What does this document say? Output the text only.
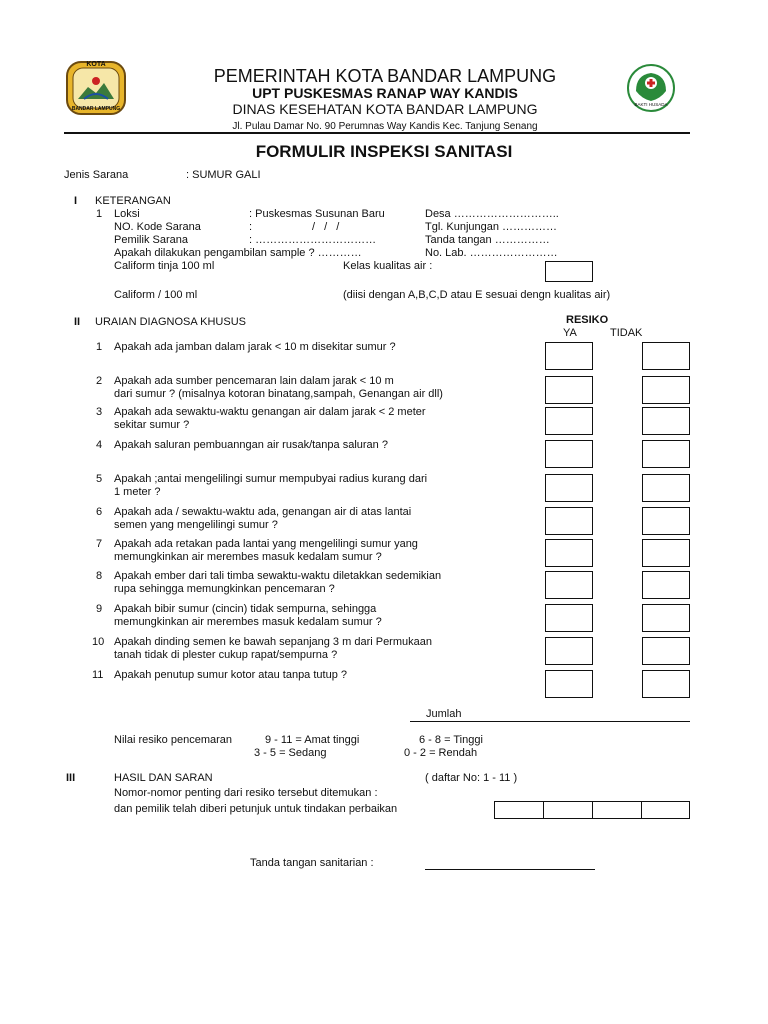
KOTA
BANDAR LAMPUNG
PEMERINTAH KOTA BANDAR LAMPUNG
UPT PUSKESMAS RANAP WAY KANDIS
DINAS KESEHATAN KOTA BANDAR LAMPUNG
Jl. Pulau Damar No. 90 Perumnas Way Kandis Kec. Tanjung Senang
BAKTI HUSADA
FORMULIR INSPEKSI SANITASI
Jenis Sarana	: SUMUR GALI
I KETERANGAN
1 Loksi	: Puskesmas Susunan Baru
NO. Kode Sarana	:	/ / /
Pemilik Sarana	: ……………………………
Apakah dilakukan pengambilan sample ? …………
Caliform tinja 100 ml
Desa ………………………..
Tgl. Kunjungan ……………
Tanda tangan ……………
No. Lab. ……………………
Kelas kualitas air :
Caliform / 100 ml	(diisi dengan A,B,C,D atau E sesuai dengn kualitas air)
II URAIAN DIAGNOSA KHUSUS	RESIKO
YA	TIDAK
1 Apakah ada jamban dalam jarak < 10 m disekitar sumur ?
2 Apakah ada sumber pencemaran lain dalam jarak < 10 m
dari sumur ? (misalnya kotoran binatang,sampah, Genangan air dll)
3 Apakah ada sewaktu-waktu genangan air dalam jarak < 2 meter
sekitar sumur ?
4 Apakah saluran pembuanngan air rusak/tanpa saluran ?
5 Apakah ;antai mengelilingi sumur mempubyai radius kurang dari
1 meter ?
6 Apakah ada / sewaktu-waktu ada, genangan air di atas lantai
semen yang mengelilingi sumur ?
7 Apakah ada retakan pada lantai yang mengelilingi sumur yang
memungkinkan air merembes masuk kedalam sumur ?
8 Apakah ember dari tali timba sewaktu-waktu diletakkan sedemikian
rupa sehingga memungkinkan pencemaran ?
9 Apakah bibir sumur (cincin) tidak sempurna, sehingga
memungkinkan air merembes masuk kedalam sumur ?
10 Apakah dinding semen ke bawah sepanjang 3 m dari Permukaan
tanah tidak di plester cukup rapat/sempurna ?
11 Apakah penutup sumur kotor atau tanpa tutup ?
Jumlah
Nilai resiko pencemaran	9 - 11 = Amat tinggi	6 - 8 = Tinggi
3 - 5 = Sedang	0 - 2 = Rendah
III	HASIL DAN SARAN	( daftar No: 1 - 11 )
Nomor-nomor penting dari resiko tersebut ditemukan :
dan pemilik telah diberi petunjuk untuk tindakan perbaikan
Tanda tangan sanitarian :
